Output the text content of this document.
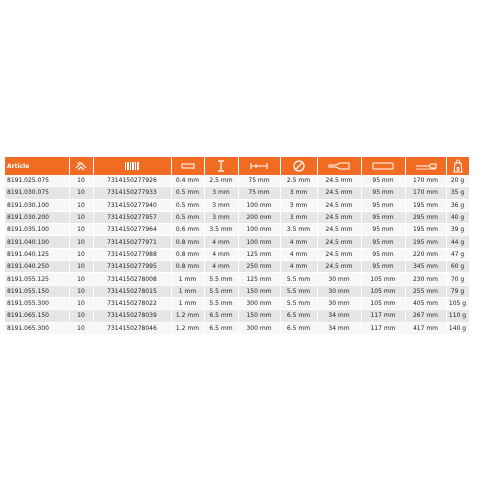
Article										g

8191.025.075	10	7314150277926	0.4 mm	2.5 mm	75 mm	2.5 mm	24.5 mm	95 mm	170 mm	20 g
8191.030.075	10	7314150277933	0.5 mm	3 mm	75 mm	3 mm	24.5 mm	95 mm	170 mm	35 g
8191.030.100	10	7314150277940	0.5 mm	3 mm	100 mm	3 mm	24.5 mm	95 mm	195 mm	36 g
8191.030.200	10	7314150277957	0.5 mm	3 mm	200 mm	3 mm	24.5 mm	95 mm	295 mm	40 g
8191.035.100	10	7314150277964	0.6 mm	3.5 mm	100 mm	3.5 mm	24.5 mm	95 mm	195 mm	39 g
8191.040.100	10	7314150277971	0.8 mm	4 mm	100 mm	4 mm	24.5 mm	95 mm	195 mm	44 g
8191.040.125	10	7314150277988	0.8 mm	4 mm	125 mm	4 mm	24.5 mm	95 mm	220 mm	47 g
8191.040.250	10	7314150277995	0.8 mm	4 mm	250 mm	4 mm	24.5 mm	95 mm	345 mm	60 g
8191.055.125	10	7314150278008	1 mm	5.5 mm	125 mm	5.5 mm	30 mm	105 mm	230 mm	70 g
8191.055.150	10	7314150278015	1 mm	5.5 mm	150 mm	5.5 mm	30 mm	105 mm	255 mm	79 g
8191.055.300	10	7314150278022	1 mm	5.5 mm	300 mm	5.5 mm	30 mm	105 mm	405 mm	105 g
8191.065.150	10	7314150278039	1.2 mm	6.5 mm	150 mm	6.5 mm	34 mm	117 mm	267 mm	110 g
8191.065.300	10	7314150278046	1.2 mm	6.5 mm	300 mm	6.5 mm	34 mm	117 mm	417 mm	140 g
